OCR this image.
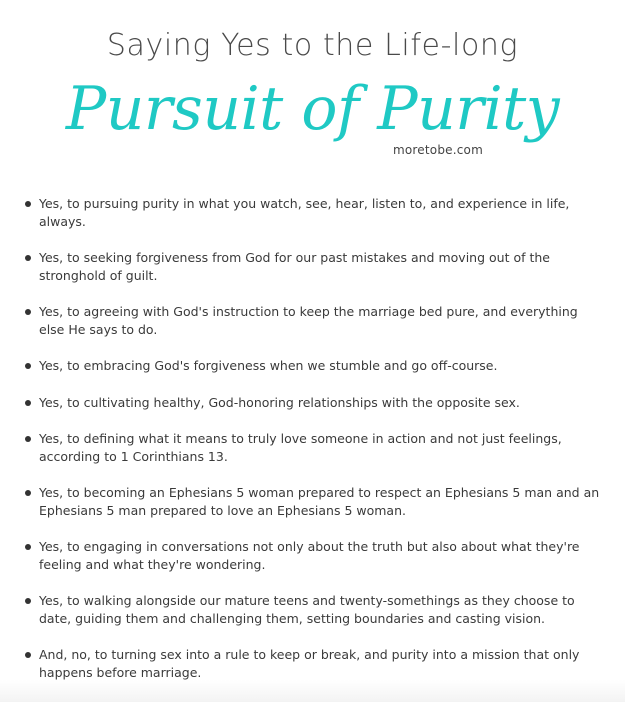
Saying Yes to the Life-long
Pursuit of Purity
moretobe.com
Yes, to pursuing purity in what you watch, see, hear, listen to, and experience in life, always.
Yes, to seeking forgiveness from God for our past mistakes and moving out of the stronghold of guilt.
Yes, to agreeing with God's instruction to keep the marriage bed pure, and everything else He says to do.
Yes, to embracing God's forgiveness when we stumble and go off-course.
Yes, to cultivating healthy, God-honoring relationships with the opposite sex.
Yes, to defining what it means to truly love someone in action and not just feelings, according to 1 Corinthians 13.
Yes, to becoming an Ephesians 5 woman prepared to respect an Ephesians 5 man and an Ephesians 5 man prepared to love an Ephesians 5 woman.
Yes, to engaging in conversations not only about the truth but also about what they're feeling and what they're wondering.
Yes, to walking alongside our mature teens and twenty-somethings as they choose to date, guiding them and challenging them, setting boundaries and casting vision.
And, no, to turning sex into a rule to keep or break, and purity into a mission that only happens before marriage.
